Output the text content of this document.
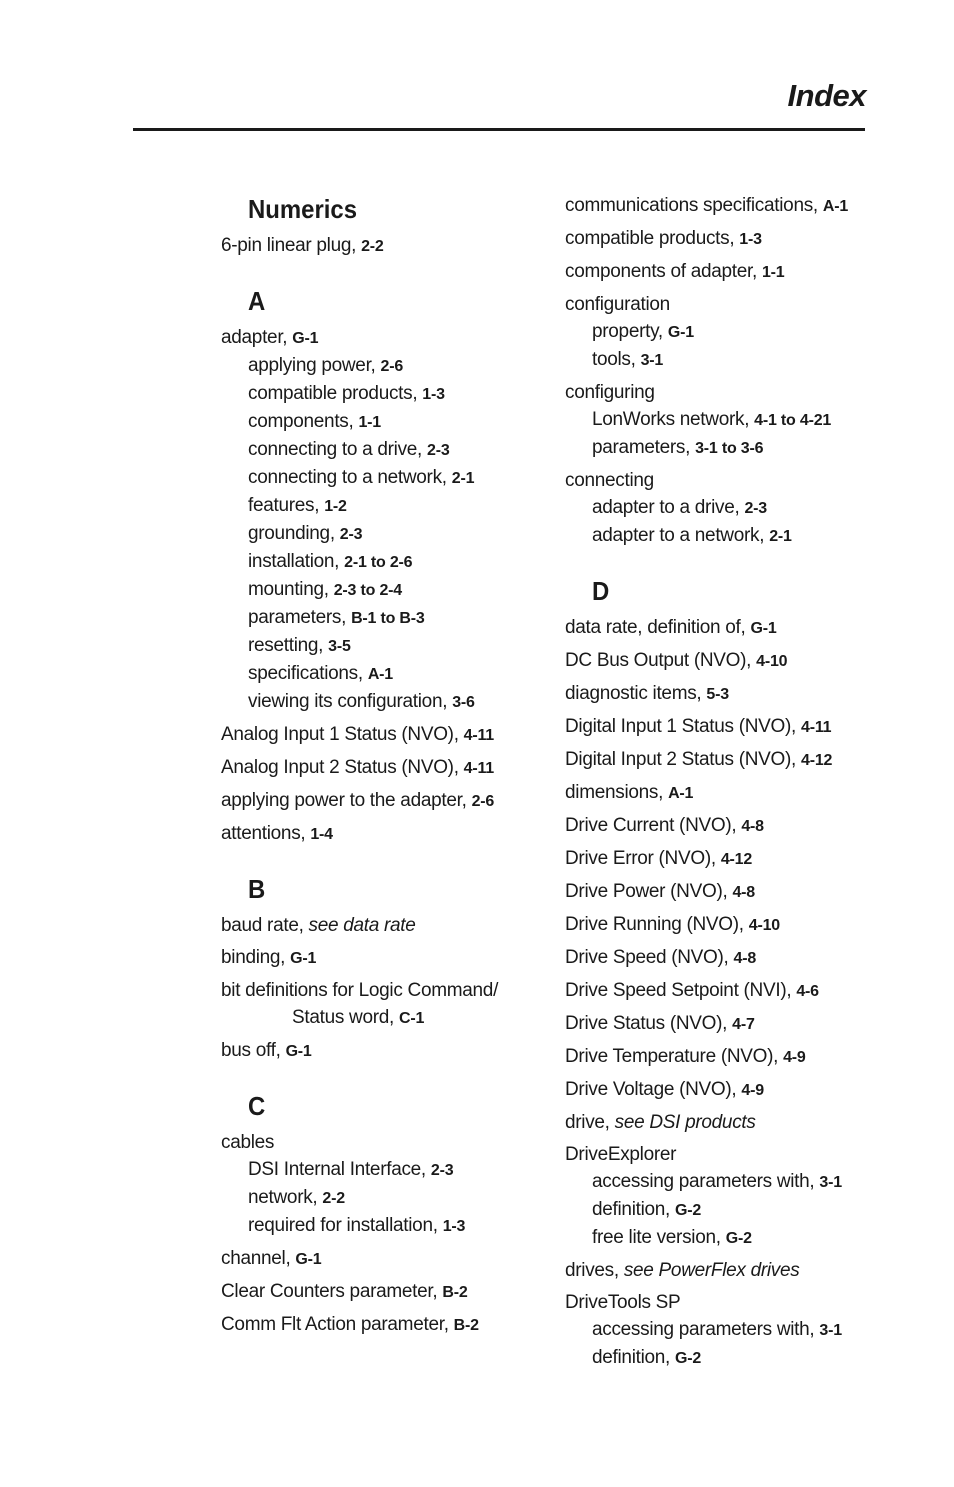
Index
Numerics
6-pin linear plug, 2-2
A
adapter, G-1
applying power, 2-6
compatible products, 1-3
components, 1-1
connecting to a drive, 2-3
connecting to a network, 2-1
features, 1-2
grounding, 2-3
installation, 2-1 to 2-6
mounting, 2-3 to 2-4
parameters, B-1 to B-3
resetting, 3-5
specifications, A-1
viewing its configuration, 3-6
Analog Input 1 Status (NVO), 4-11
Analog Input 2 Status (NVO), 4-11
applying power to the adapter, 2-6
attentions, 1-4
B
baud rate, see data rate
binding, G-1
bit definitions for Logic Command/
Status word, C-1
bus off, G-1
C
cables
DSI Internal Interface, 2-3
network, 2-2
required for installation, 1-3
channel, G-1
Clear Counters parameter, B-2
Comm Flt Action parameter, B-2
communications specifications, A-1
compatible products, 1-3
components of adapter, 1-1
configuration
property, G-1
tools, 3-1
configuring
LonWorks network, 4-1 to 4-21
parameters, 3-1 to 3-6
connecting
adapter to a drive, 2-3
adapter to a network, 2-1
D
data rate, definition of, G-1
DC Bus Output (NVO), 4-10
diagnostic items, 5-3
Digital Input 1 Status (NVO), 4-11
Digital Input 2 Status (NVO), 4-12
dimensions, A-1
Drive Current (NVO), 4-8
Drive Error (NVO), 4-12
Drive Power (NVO), 4-8
Drive Running (NVO), 4-10
Drive Speed (NVO), 4-8
Drive Speed Setpoint (NVI), 4-6
Drive Status (NVO), 4-7
Drive Temperature (NVO), 4-9
Drive Voltage (NVO), 4-9
drive, see DSI products
DriveExplorer
accessing parameters with, 3-1
definition, G-2
free lite version, G-2
drives, see PowerFlex drives
DriveTools SP
accessing parameters with, 3-1
definition, G-2
